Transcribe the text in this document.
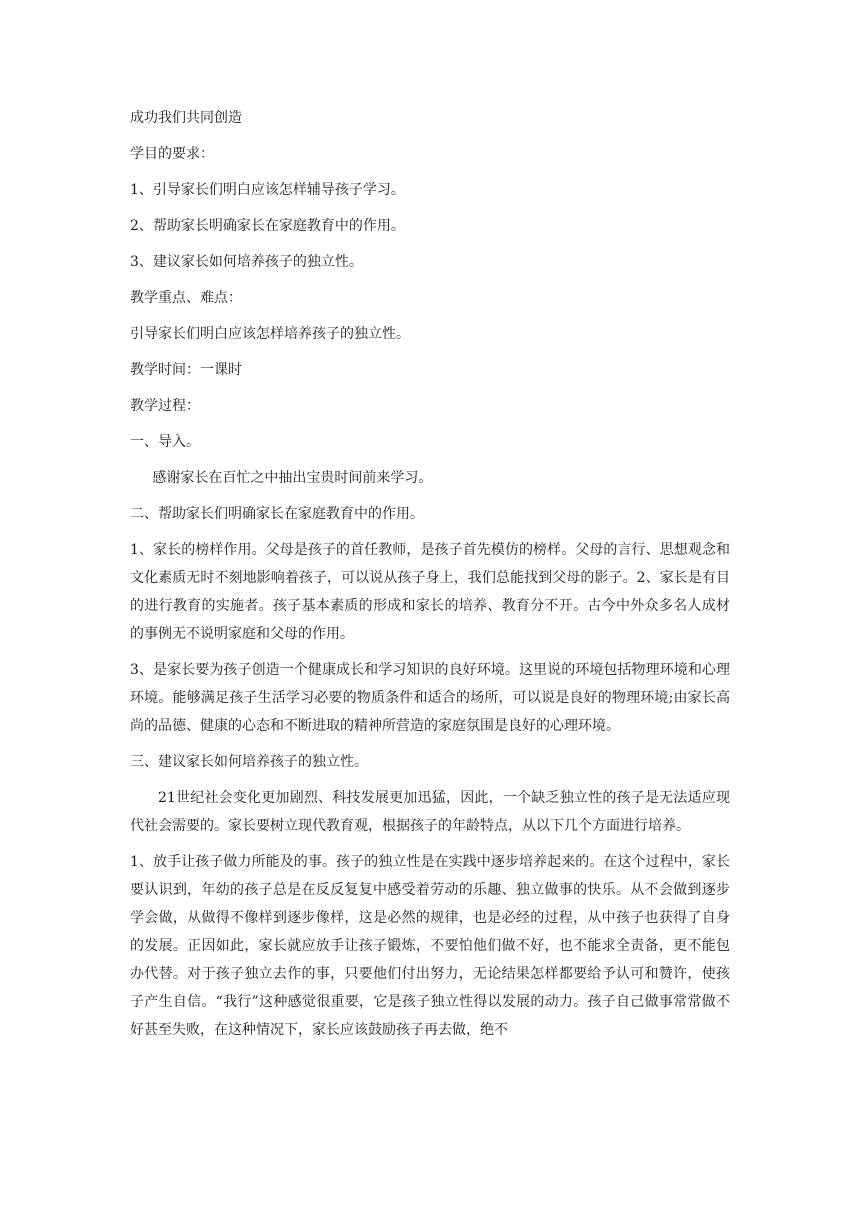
成功我们共同创造

学目的要求：

1、引导家长们明白应该怎样辅导孩子学习。

2、帮助家长明确家长在家庭教育中的作用。

3、建议家长如何培养孩子的独立性。

教学重点、难点：

引导家长们明白应该怎样培养孩子的独立性。

教学时间：一课时

教学过程：

一、导入。

感谢家长在百忙之中抽出宝贵时间前来学习。

二、帮助家长们明确家长在家庭教育中的作用。

1、家长的榜样作用。父母是孩子的首任教师，是孩子首先模仿的榜样。父母的言行、思想观念和文化素质无时不刻地影响着孩子，可以说从孩子身上，我们总能找到父母的影子。2、家长是有目的进行教育的实施者。孩子基本素质的形成和家长的培养、教育分不开。古今中外众多名人成材的事例无不说明家庭和父母的作用。

3、是家长要为孩子创造一个健康成长和学习知识的良好环境。这里说的环境包括物理环境和心理环境。能够满足孩子生活学习必要的物质条件和适合的场所，可以说是良好的物理环境;由家长高尚的品德、健康的心态和不断进取的精神所营造的家庭氛围是良好的心理环境。

三、建议家长如何培养孩子的独立性。

21世纪社会变化更加剧烈、科技发展更加迅猛，因此，一个缺乏独立性的孩子是无法适应现代社会需要的。家长要树立现代教育观，根据孩子的年龄特点，从以下几个方面进行培养。

1、放手让孩子做力所能及的事。孩子的独立性是在实践中逐步培养起来的。在这个过程中，家长要认识到，年幼的孩子总是在反反复复中感受着劳动的乐趣、独立做事的快乐。从不会做到逐步学会做，从做得不像样到逐步像样，这是必然的规律，也是必经的过程，从中孩子也获得了自身的发展。正因如此，家长就应放手让孩子锻炼，不要怕他们做不好，也不能求全责备，更不能包办代替。对于孩子独立去作的事，只要他们付出努力，无论结果怎样都要给予认可和赞许，使孩子产生自信。“我行”这种感觉很重要，它是孩子独立性得以发展的动力。孩子自己做事常常做不好甚至失败，在这种情况下，家长应该鼓励孩子再去做，绝不
